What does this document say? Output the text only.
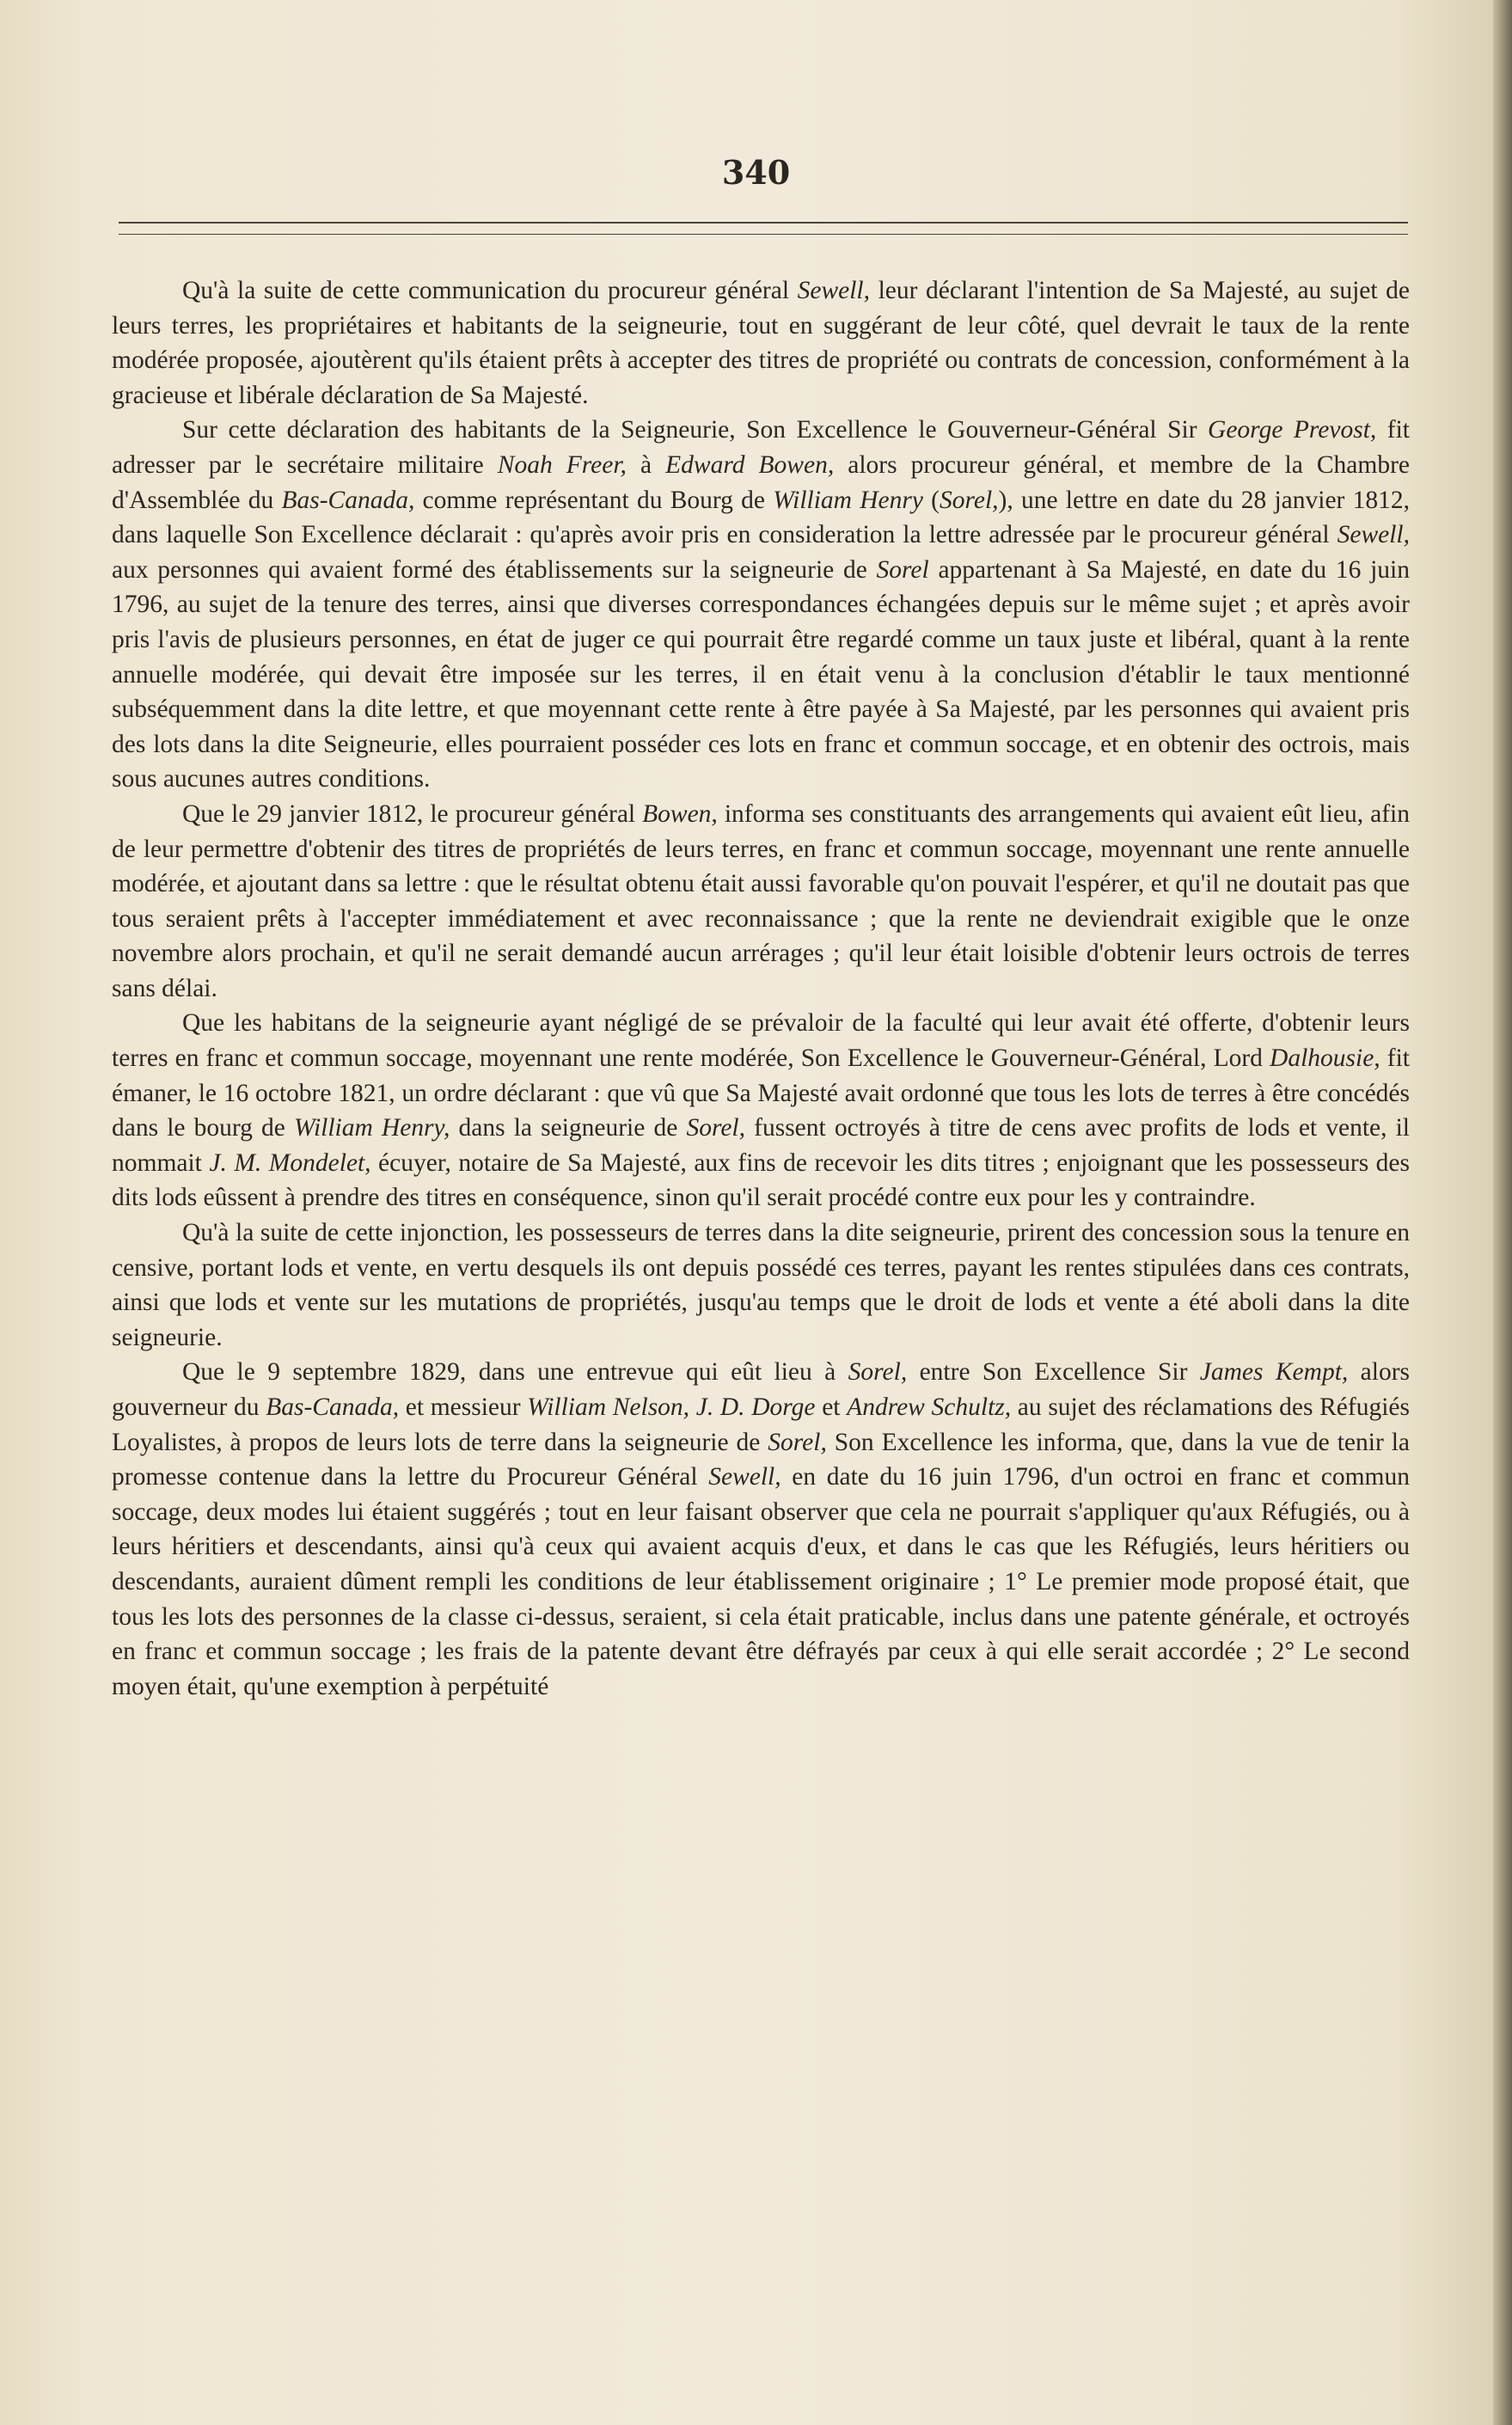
340

Qu'à la suite de cette communication du procureur général Sewell, leur déclarant l'intention de Sa Majesté, au sujet de leurs terres, les propriétaires et habitants de la seigneurie, tout en suggérant de leur côté, quel devrait le taux de la rente modérée proposée, ajoutèrent qu'ils étaient prêts à accepter des titres de propriété ou contrats de concession, conformément à la gracieuse et libérale déclaration de Sa Majesté.

Sur cette déclaration des habitants de la Seigneurie, Son Excellence le Gouverneur-Général Sir George Prevost, fit adresser par le secrétaire militaire Noah Freer, à Edward Bowen, alors procureur général, et membre de la Chambre d'Assemblée du Bas-Canada, comme représentant du Bourg de William Henry (Sorel,), une lettre en date du 28 janvier 1812, dans laquelle Son Excellence déclarait : qu'après avoir pris en consideration la lettre adressée par le procureur général Sewell, aux personnes qui avaient formé des établissements sur la seigneurie de Sorel appartenant à Sa Majesté, en date du 16 juin 1796, au sujet de la tenure des terres, ainsi que diverses correspondances échangées depuis sur le même sujet ; et après avoir pris l'avis de plusieurs personnes, en état de juger ce qui pourrait être regardé comme un taux juste et libéral, quant à la rente annuelle modérée, qui devait être imposée sur les terres, il en était venu à la conclusion d'établir le taux mentionné subséquemment dans la dite lettre, et que moyennant cette rente à être payée à Sa Majesté, par les personnes qui avaient pris des lots dans la dite Seigneurie, elles pourraient posséder ces lots en franc et commun soccage, et en obtenir des octrois, mais sous aucunes autres conditions.

Que le 29 janvier 1812, le procureur général Bowen, informa ses constituants des arrangements qui avaient eût lieu, afin de leur permettre d'obtenir des titres de propriétés de leurs terres, en franc et commun soccage, moyennant une rente annuelle modérée, et ajoutant dans sa lettre : que le résultat obtenu était aussi favorable qu'on pouvait l'espérer, et qu'il ne doutait pas que tous seraient prêts à l'accepter immédiatement et avec reconnaissance ; que la rente ne deviendrait exigible que le onze novembre alors prochain, et qu'il ne serait demandé aucun arrérages ; qu'il leur était loisible d'obtenir leurs octrois de terres sans délai.

Que les habitans de la seigneurie ayant négligé de se prévaloir de la faculté qui leur avait été offerte, d'obtenir leurs terres en franc et commun soccage, moyennant une rente modérée, Son Excellence le Gouverneur-Général, Lord Dalhousie, fit émaner, le 16 octobre 1821, un ordre déclarant : que vû que Sa Majesté avait ordonné que tous les lots de terres à être concédés dans le bourg de William Henry, dans la seigneurie de Sorel, fussent octroyés à titre de cens avec profits de lods et vente, il nommait J. M. Mondelet, écuyer, notaire de Sa Majesté, aux fins de recevoir les dits titres ; enjoignant que les possesseurs des dits lods eûssent à prendre des titres en conséquence, sinon qu'il serait procédé contre eux pour les y contraindre.

Qu'à la suite de cette injonction, les possesseurs de terres dans la dite seigneurie, prirent des concession sous la tenure en censive, portant lods et vente, en vertu desquels ils ont depuis possédé ces terres, payant les rentes stipulées dans ces contrats, ainsi que lods et vente sur les mutations de propriétés, jusqu'au temps que le droit de lods et vente a été aboli dans la dite seigneurie.

Que le 9 septembre 1829, dans une entrevue qui eût lieu à Sorel, entre Son Excellence Sir James Kempt, alors gouverneur du Bas-Canada, et messieur William Nelson, J. D. Dorge et Andrew Schultz, au sujet des réclamations des Réfugiés Loyalistes, à propos de leurs lots de terre dans la seigneurie de Sorel, Son Excellence les informa, que, dans la vue de tenir la promesse contenue dans la lettre du Procureur Général Sewell, en date du 16 juin 1796, d'un octroi en franc et commun soccage, deux modes lui étaient suggérés ; tout en leur faisant observer que cela ne pourrait s'appliquer qu'aux Réfugiés, ou à leurs héritiers et descendants, ainsi qu'à ceux qui avaient acquis d'eux, et dans le cas que les Réfugiés, leurs héritiers ou descendants, auraient dûment rempli les conditions de leur établissement originaire ; 1° Le premier mode proposé était, que tous les lots des personnes de la classe ci-dessus, seraient, si cela était praticable, inclus dans une patente générale, et octroyés en franc et commun soccage ; les frais de la patente devant être défrayés par ceux à qui elle serait accordée ; 2° Le second moyen était, qu'une exemption à perpétuité
